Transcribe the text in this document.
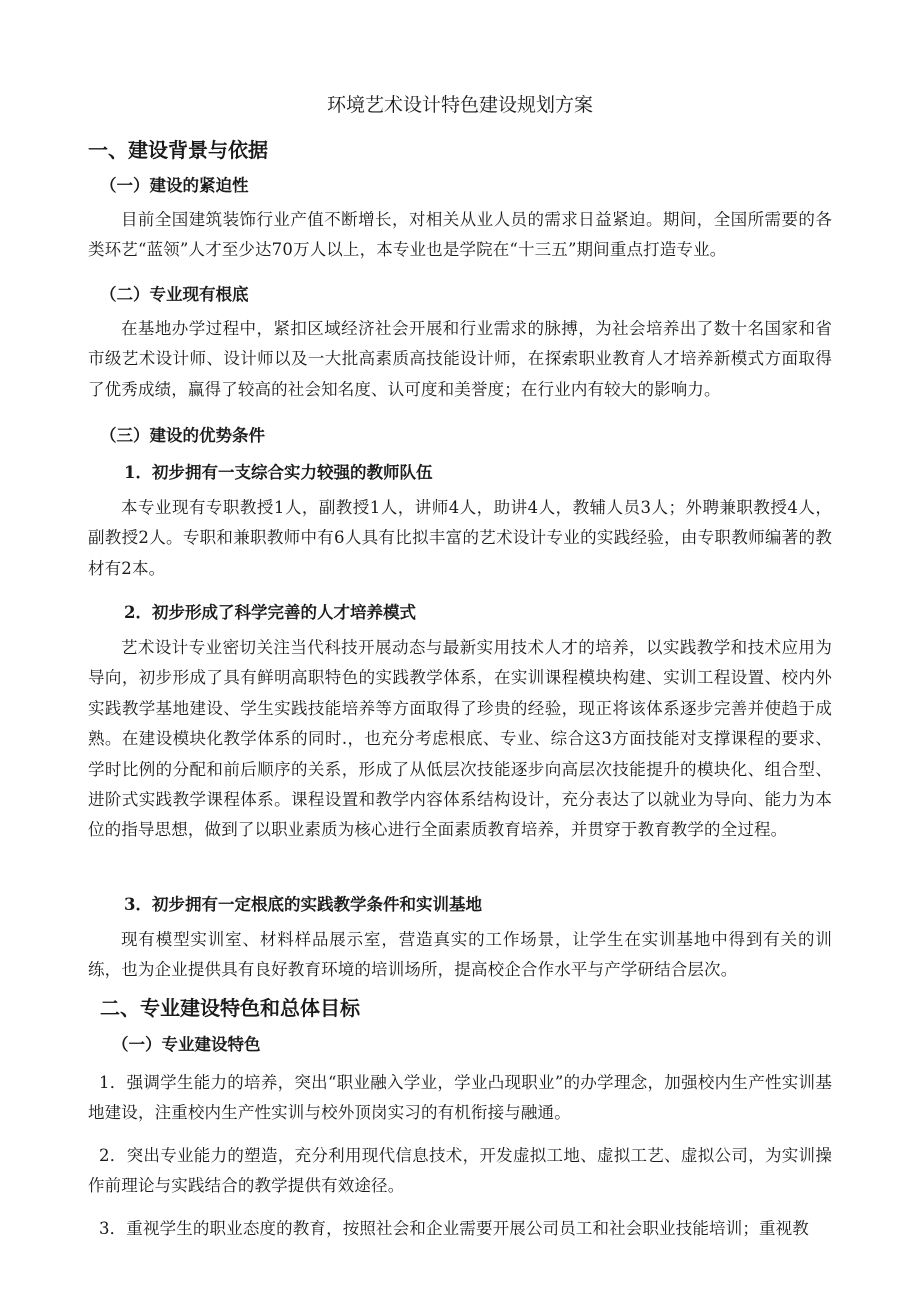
环境艺术设计特色建设规划方案
一、建设背景与依据
（一）建设的紧迫性

目前全国建筑装饰行业产值不断增长，对相关从业人员的需求日益紧迫。期间，全国所需要的各类环艺“蓝领”人才至少达70万人以上，本专业也是学院在“十三五”期间重点打造专业。

（二）专业现有根底

在基地办学过程中，紧扣区域经济社会开展和行业需求的脉搏，为社会培养出了数十名国家和省市级艺术设计师、设计师以及一大批高素质高技能设计师，在探索职业教育人才培养新模式方面取得了优秀成绩，赢得了较高的社会知名度、认可度和美誉度；在行业内有较大的影响力。

（三）建设的优势条件
1．初步拥有一支综合实力较强的教师队伍

本专业现有专职教授1人，副教授1人，讲师4人，助讲4人，教辅人员3人；外聘兼职教授4人，副教授2人。专职和兼职教师中有6人具有比拟丰富的艺术设计专业的实践经验，由专职教师编著的教材有2本。

2．初步形成了科学完善的人才培养模式

艺术设计专业密切关注当代科技开展动态与最新实用技术人才的培养，以实践教学和技术应用为导向，初步形成了具有鲜明高职特色的实践教学体系，在实训课程模块构建、实训工程设置、校内外实践教学基地建设、学生实践技能培养等方面取得了珍贵的经验，现正将该体系逐步完善并使趋于成熟。在建设模块化教学体系的同时.，也充分考虑根底、专业、综合这3方面技能对支撑课程的要求、学时比例的分配和前后顺序的关系，形成了从低层次技能逐步向高层次技能提升的模块化、组合型、进阶式实践教学课程体系。课程设置和教学内容体系结构设计，充分表达了以就业为导向、能力为本位的指导思想，做到了以职业素质为核心进行全面素质教育培养，并贯穿于教育教学的全过程。

3．初步拥有一定根底的实践教学条件和实训基地

现有模型实训室、材料样品展示室，营造真实的工作场景，让学生在实训基地中得到有关的训练，也为企业提供具有良好教育环境的培训场所，提高校企合作水平与产学研结合层次。

二、专业建设特色和总体目标
（一）专业建设特色

1．强调学生能力的培养，突出“职业融入学业，学业凸现职业”的办学理念，加强校内生产性实训基地建设，注重校内生产性实训与校外顶岗实习的有机衔接与融通。

2．突出专业能力的塑造，充分利用现代信息技术，开发虚拟工地、虚拟工艺、虚拟公司，为实训操作前理论与实践结合的教学提供有效途径。

3．重视学生的职业态度的教育，按照社会和企业需要开展公司员工和社会职业技能培训；重视教
